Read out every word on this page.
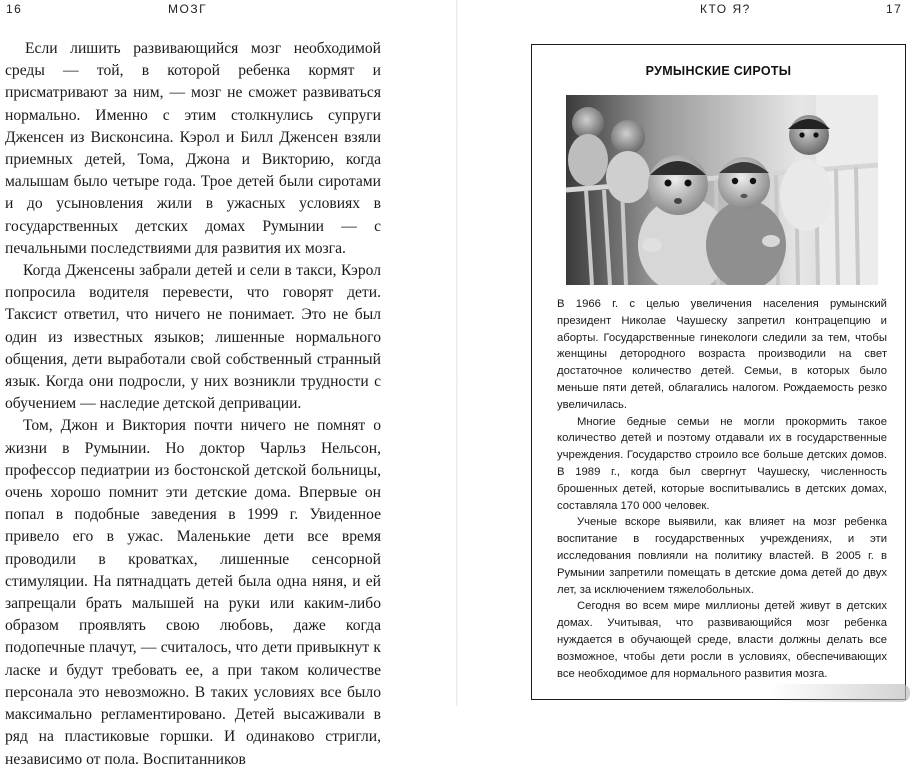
16	МОЗГ	КТО Я?	17

Если лишить развивающийся мозг необходимой среды — той, в которой ребенка кормят и присматривают за ним, — мозг не сможет развиваться нормально. Именно с этим столкнулись супруги Дженсен из Висконсина. Кэрол и Билл Дженсен взяли приемных детей, Тома, Джона и Викторию, когда малышам было четыре года. Трое детей были сиротами и до усыновления жили в ужасных условиях в государственных детских домах Румынии — с печальными последствиями для развития их мозга.

Когда Дженсены забрали детей и сели в такси, Кэрол попросила водителя перевести, что говорят дети. Таксист ответил, что ничего не понимает. Это не был один из известных языков; лишенные нормального общения, дети выработали свой собственный странный язык. Когда они подросли, у них возникли трудности с обучением — наследие детской депривации.

Том, Джон и Виктория почти ничего не помнят о жизни в Румынии. Но доктор Чарльз Нельсон, профессор педиатрии из бостонской детской больницы, очень хорошо помнит эти детские дома. Впервые он попал в подобные заведения в 1999 г. Увиденное привело его в ужас. Маленькие дети все время проводили в кроватках, лишенные сенсорной стимуляции. На пятнадцать детей была одна няня, и ей запрещали брать малышей на руки или каким-либо образом проявлять свою любовь, даже когда подопечные плачут, — считалось, что дети привыкнут к ласке и будут требовать ее, а при таком количестве персонала это невозможно. В таких условиях все было максимально регламентировано. Детей высаживали в ряд на пластиковые горшки. И одинаково стригли, независимо от пола. Воспитанников

РУМЫНСКИЕ СИРОТЫ

В 1966 г. с целью увеличения населения румынский президент Николае Чаушеску запретил контрацепцию и аборты. Государственные гинекологи следили за тем, чтобы женщины детородного возраста производили на свет достаточное количество детей. Семьи, в которых было меньше пяти детей, облагались налогом. Рождаемость резко увеличилась.

Многие бедные семьи не могли прокормить такое количество детей и поэтому отдавали их в государственные учреждения. Государство строило все больше детских домов. В 1989 г., когда был свергнут Чаушеску, численность брошенных детей, которые воспитывались в детских домах, составляла 170 000 человек.

Ученые вскоре выявили, как влияет на мозг ребенка воспитание в государственных учреждениях, и эти исследования повлияли на политику властей. В 2005 г. в Румынии запретили помещать в детские дома детей до двух лет, за исключением тяжелобольных.

Сегодня во всем мире миллионы детей живут в детских домах. Учитывая, что развивающийся мозг ребенка нуждается в обучающей среде, власти должны делать все возможное, чтобы дети росли в условиях, обеспечивающих все необходимое для нормального развития мозга.
